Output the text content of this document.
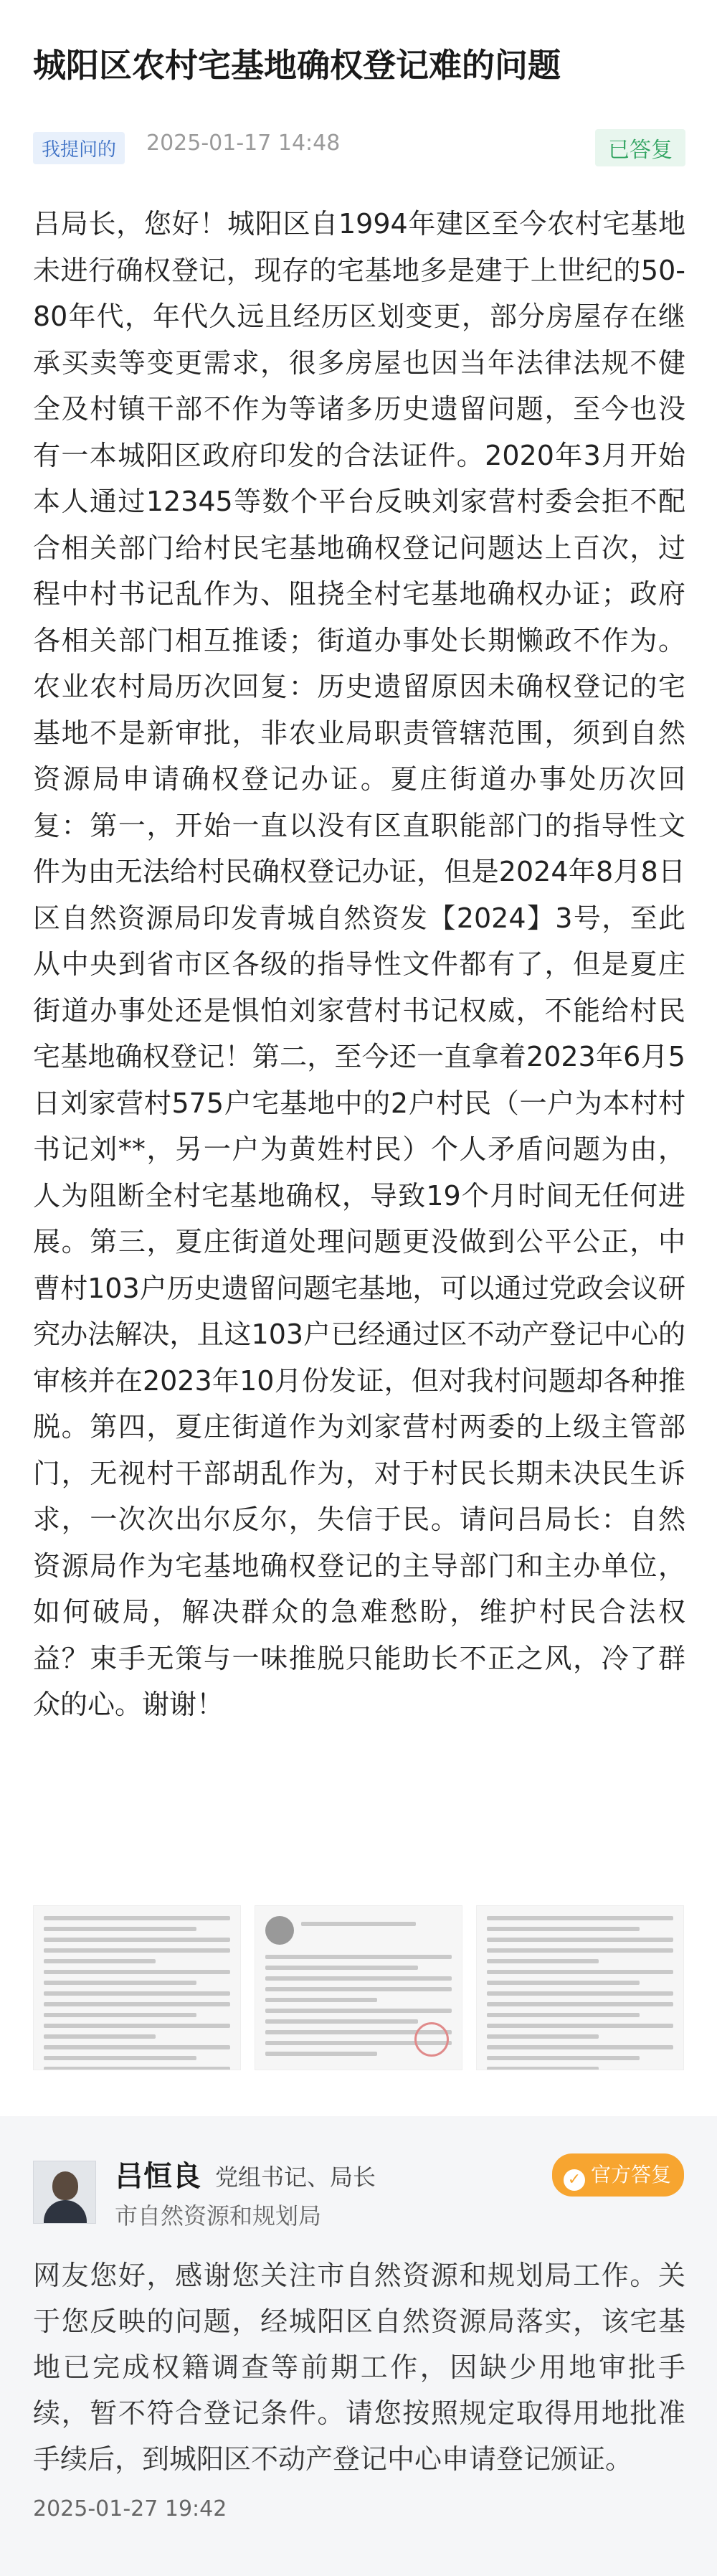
城阳区农村宅基地确权登记难的问题
我提问的	2025-01-17 14:48	已答复
吕局长，您好！城阳区自1994年建区至今农村宅基地未进行确权登记，现存的宅基地多是建于上世纪的50-80年代，年代久远且经历区划变更，部分房屋存在继承买卖等变更需求，很多房屋也因当年法律法规不健全及村镇干部不作为等诸多历史遗留问题，至今也没有一本城阳区政府印发的合法证件。2020年3月开始本人通过12345等数个平台反映刘家营村委会拒不配合相关部门给村民宅基地确权登记问题达上百次，过程中村书记乱作为、阻挠全村宅基地确权办证；政府各相关部门相互推诿；街道办事处长期懒政不作为。农业农村局历次回复：历史遗留原因未确权登记的宅基地不是新审批，非农业局职责管辖范围，须到自然资源局申请确权登记办证。夏庄街道办事处历次回复：第一，开始一直以没有区直职能部门的指导性文件为由无法给村民确权登记办证，但是2024年8月8日区自然资源局印发青城自然资发【2024】3号，至此从中央到省市区各级的指导性文件都有了，但是夏庄街道办事处还是惧怕刘家营村书记权威，不能给村民宅基地确权登记！第二，至今还一直拿着2023年6月5日刘家营村575户宅基地中的2户村民（一户为本村村书记刘**，另一户为黄姓村民）个人矛盾问题为由，人为阻断全村宅基地确权，导致19个月时间无任何进展。第三，夏庄街道处理问题更没做到公平公正，中曹村103户历史遗留问题宅基地，可以通过党政会议研究办法解决，且这103户已经通过区不动产登记中心的审核并在2023年10月份发证，但对我村问题却各种推脱。第四，夏庄街道作为刘家营村两委的上级主管部门，无视村干部胡乱作为，对于村民长期未决民生诉求，一次次出尔反尔，失信于民。请问吕局长：自然资源局作为宅基地确权登记的主导部门和主办单位，如何破局，解决群众的急难愁盼，维护村民合法权益？束手无策与一味推脱只能助长不正之风，冷了群众的心。谢谢！
吕恒良 党组书记、局长
市自然资源和规划局
✓ 官方答复
网友您好，感谢您关注市自然资源和规划局工作。关于您反映的问题，经城阳区自然资源局落实，该宅基地已完成权籍调查等前期工作，因缺少用地审批手续，暂不符合登记条件。请您按照规定取得用地批准手续后，到城阳区不动产登记中心申请登记颁证。
2025-01-27 19:42
